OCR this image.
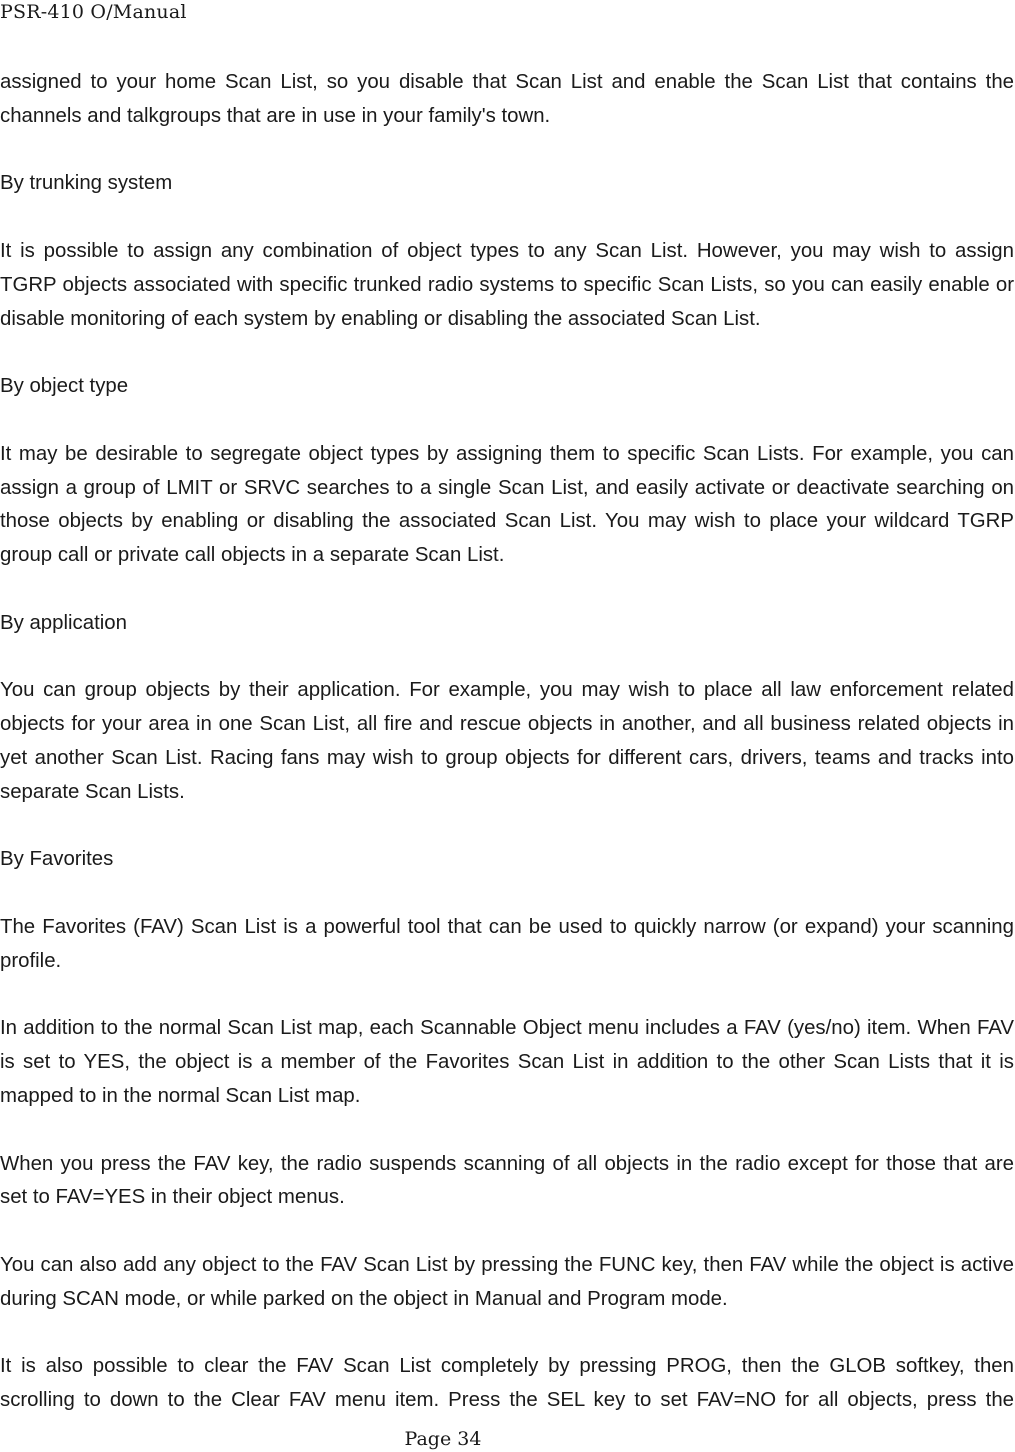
PSR-410 O/Manual

assigned to your home Scan List, so you disable that Scan List and enable the Scan List that contains the channels and talkgroups that are in use in your family's town.

By trunking system

It is possible to assign any combination of object types to any Scan List. However, you may wish to assign TGRP objects associated with specific trunked radio systems to specific Scan Lists, so you can easily enable or disable monitoring of each system by enabling or disabling the associated Scan List.

By object type

It may be desirable to segregate object types by assigning them to specific Scan Lists. For example, you can assign a group of LMIT or SRVC searches to a single Scan List, and easily activate or deactivate searching on those objects by enabling or disabling the associated Scan List. You may wish to place your wildcard TGRP group call or private call objects in a separate Scan List.

By application

You can group objects by their application. For example, you may wish to place all law enforcement related objects for your area in one Scan List, all fire and rescue objects in another, and all business related objects in yet another Scan List. Racing fans may wish to group objects for different cars, drivers, teams and tracks into separate Scan Lists.

By Favorites

The Favorites (FAV) Scan List is a powerful tool that can be used to quickly narrow (or expand) your scanning profile.

In addition to the normal Scan List map, each Scannable Object menu includes a FAV (yes/no) item. When FAV is set to YES, the object is a member of the Favorites Scan List in addition to the other Scan Lists that it is mapped to in the normal Scan List map.

When you press the FAV key, the radio suspends scanning of all objects in the radio except for those that are set to FAV=YES in their object menus.

You can also add any object to the FAV Scan List by pressing the FUNC key, then FAV while the object is active during SCAN mode, or while parked on the object in Manual and Program mode.

It is also possible to clear the FAV Scan List completely by pressing PROG, then the GLOB softkey, then scrolling to down to the Clear FAV menu item. Press the SEL key to set FAV=NO for all objects, press the

Page 34
